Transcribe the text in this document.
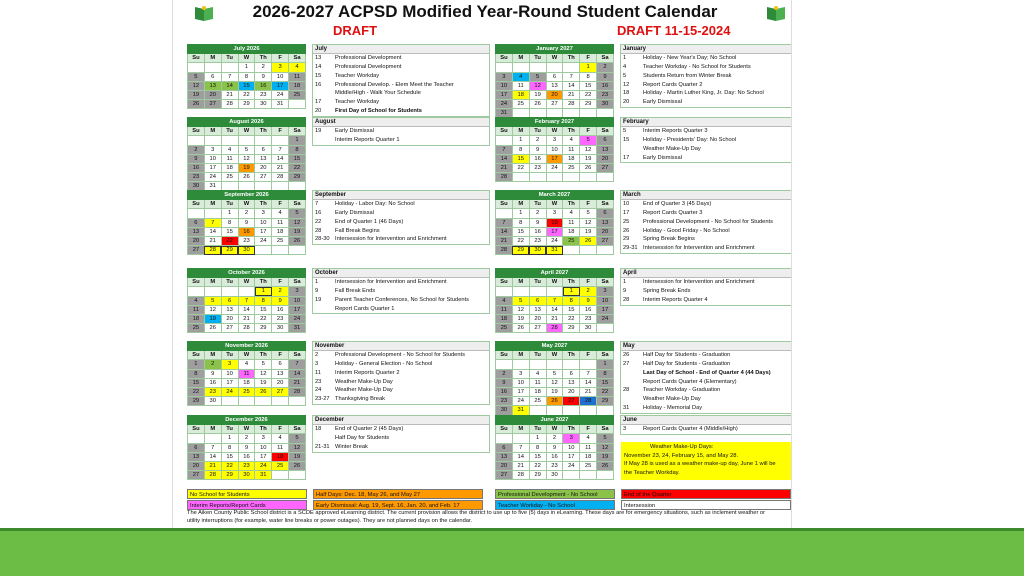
2026-2027 ACPSD Modified Year-Round Student Calendar
DRAFT	DRAFT 11-15-2024
July 2026						
Su	M	Tu	W	Th	F	Sa
			1	2	3	4
5	6	7	8	9	10	11
12	13	14	15	16	17	18
19	20	21	22	23	24	25
26	27	28	29	30	31	
July
13	Professional Development
14	Professional Development
15	Teacher Workday
16	Professional Develop. - Elem Meet the Teacher
Middle/High - Walk Your Schedule
17	Teacher Workday
20	First Day of School for Students
August 2026						
Su	M	Tu	W	Th	F	Sa
						1
2	3	4	5	6	7	8
9	10	11	12	13	14	15
16	17	18	19	20	21	22
23	24	25	26	27	28	29
30	31					
August
19	Early Dismissal
Interim Reports Quarter 1
September 2026						
Su	M	Tu	W	Th	F	Sa
		1	2	3	4	5
6	7	8	9	10	11	12
13	14	15	16	17	18	19
20	21	22	23	24	25	26
27	28	29	30			
September
7	Holiday - Labor Day: No School
16	Early Dismissal
22	End of Quarter 1 (46 Days)
28	Fall Break Begins
28-30 Intersession for Intervention and Enrichment
October 2026						
Su	M	Tu	W	Th	F	Sa
				1	2	3
4	5	6	7	8	9	10
11	12	13	14	15	16	17
18	19	20	21	22	23	24
25	26	27	28	29	30	31
October
1	Intersession for Intervention and Enrichment
9	Fall Break Ends
19	Parent Teacher Conferences, No School for Students
Report Cards Quarter 1
November 2026						
Su	M	Tu	W	Th	F	Sa
1	2	3	4	5	6	7
8	9	10	11	12	13	14
15	16	17	18	19	20	21
22	23	24	25	26	27	28
29	30					
November
2	Professional Development - No School for Students
3	Holiday - General Election - No School
11	Interim Reports Quarter 2
23	Weather Make-Up Day
24	Weather Make-Up Day
23-27 Thanksgiving Break
December 2026						
Su	M	Tu	W	Th	F	Sa
		1	2	3	4	5
6	7	8	9	10	11	12
13	14	15	16	17	18	19
20	21	22	23	24	25	26
27	28	29	30	31		
December
18	End of Quarter 2 (45 Days)
Half Day for Students
21-31 Winter Break
January 2027						
Su	M	Tu	W	Th	F	Sa
					1	2
3	4	5	6	7	8	9
10	11	12	13	14	15	16
17	18	19	20	21	22	23
24	25	26	27	28	29	30
31						
January
1	Holiday - New Year's Day; No School
4	Teacher Workday - No School for Students
5	Students Return from Winter Break
12	Report Cards Quarter 2
18	Holiday - Martin Luther King, Jr. Day: No School
20	Early Dismissal
February 2027						
Su	M	Tu	W	Th	F	Sa
	1	2	3	4	5	6
7	8	9	10	11	12	13
14	15	16	17	18	19	20
21	22	23	24	25	26	27
28						
February
5	Interim Reports Quarter 3
15	Holiday - Presidents' Day: No School
Weather Make-Up Day
17	Early Dismissal
March 2027						
Su	M	Tu	W	Th	F	Sa
	1	2	3	4	5	6
7	8	9	10	11	12	13
14	15	16	17	18	19	20
21	22	23	24	25	26	27
28	29	30	31			
March
10	End of Quarter 3 (45 Days)
17	Report Cards Quarter 3
25	Professional Development - No School for Students
26	Holiday - Good Friday - No School
29	Spring Break Begins
29-31 Intersession for Intervention and Enrichment
April 2027						
Su	M	Tu	W	Th	F	Sa
				1	2	3
4	5	6	7	8	9	10
11	12	13	14	15	16	17
18	19	20	21	22	23	24
25	26	27	28	29	30	
April
1	Intersession for Intervention and Enrichment
9	Spring Break Ends
28	Interim Reports Quarter 4
May 2027						
Su	M	Tu	W	Th	F	Sa
						1
2	3	4	5	6	7	8
9	10	11	12	13	14	15
16	17	18	19	20	21	22
23	24	25	26	27	28	29
30	31					
May
26	Half Day for Students - Graduation
27	Half Day for Students - Graduation
Last Day of School - End of Quarter 4 (44 Days)
Report Cards Quarter 4 (Elementary)
28	Teacher Workday - Graduation
Weather Make-Up Day
31	Holiday - Memorial Day
June 2027						
Su	M	Tu	W	Th	F	Sa
		1	2	3	4	5
6	7	8	9	10	11	12
13	14	15	16	17	18	19
20	21	22	23	24	25	26
27	28	29	30			
June
3	Report Cards Quarter 4 (Middle/High)
Weather Make-Up Days:
November 23, 24, February 15, and May 28.
If May 28 is used as a weather make-up day, June 1 will be
the Teacher Workday.
No School for Students
Interim Reports/Report Cards
Half Days: Dec. 18, May 26, and May 27
Early Dismissal: Aug. 19, Sept. 16, Jan. 20, and Feb. 17
Professional Development - No School
Teacher Workday - No School
End of the Quarter
Intersession
The Aiken County Public School district is a SCDE approved eLearning district. The current provision allows the district to use up to five (5) days in eLearning. These days are for emergency situations, such as inclement weather or utility interruptions (for example, water line breaks or power outages). They are not planned days on the calendar.
